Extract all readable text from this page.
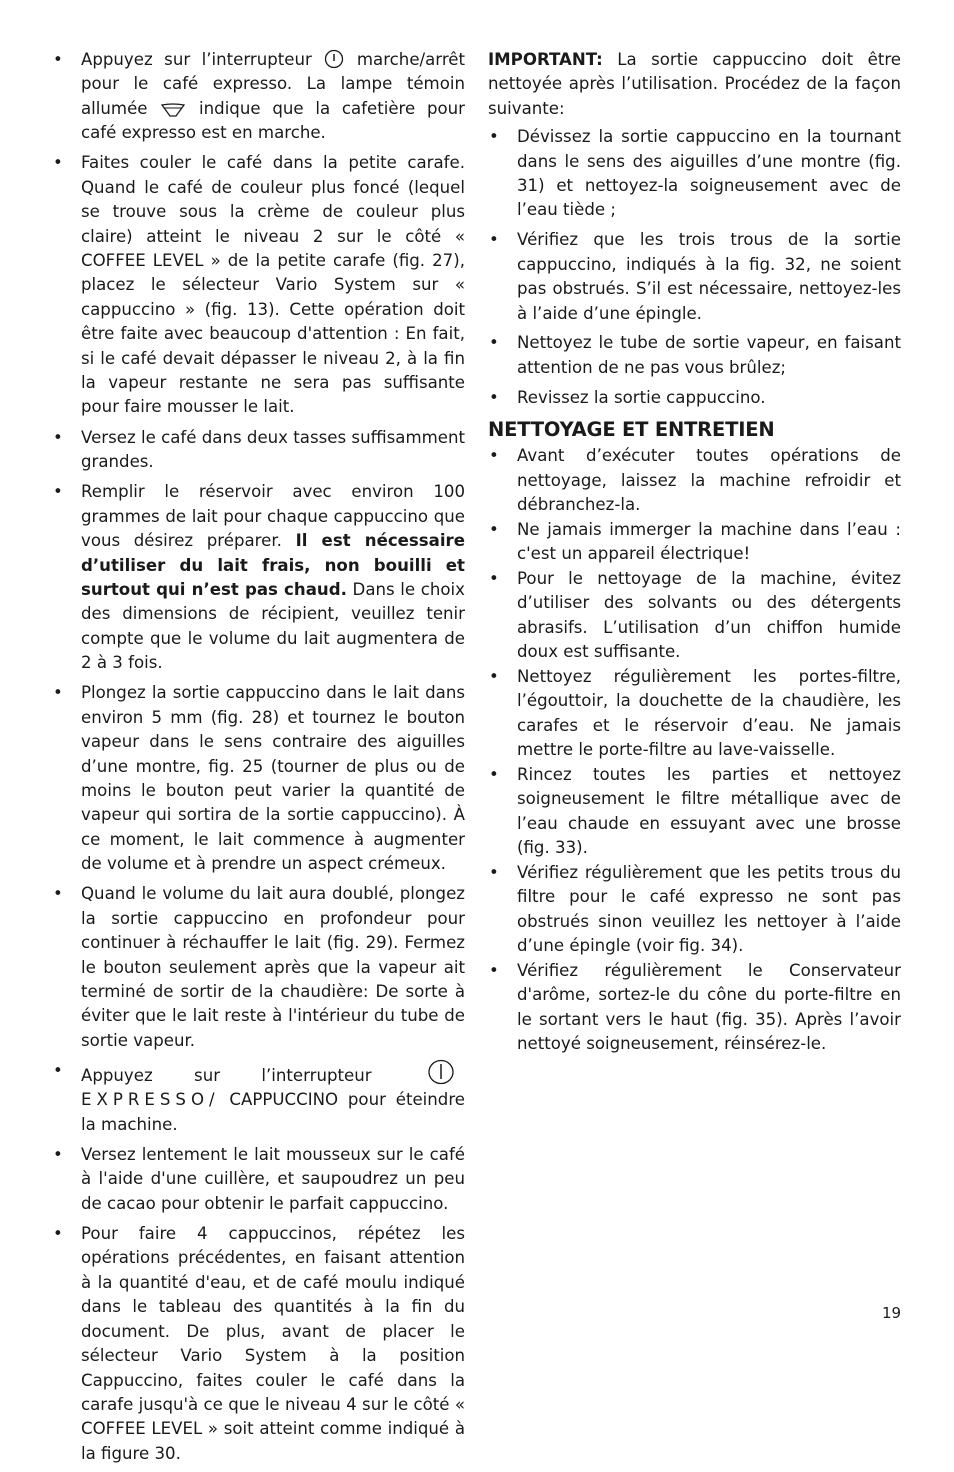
• Appuyez sur l’interrupteur	marche/arrêt pour le café expresso. La lampe témoin allumée	indique que la cafetière pour café expresso est en marche.
• Faites couler le café dans la petite carafe. Quand le café de couleur plus foncé (lequel se trouve sous la crème de couleur plus claire) atteint le niveau 2 sur le côté « COFFEE LEVEL » de la petite carafe (fig. 27), placez le sélecteur Vario System sur « cappuccino » (fig. 13). Cette opération doit être faite avec beaucoup d'attention : En fait, si le café devait dépasser le niveau 2, à la fin la vapeur restante ne sera pas suffisante pour faire mousser le lait.
• Versez le café dans deux tasses suffisamment grandes.
• Remplir le réservoir avec environ 100 grammes de lait pour chaque cappuccino que vous désirez préparer. Il est nécessaire d’utiliser du lait frais, non bouilli et surtout qui n’est pas chaud. Dans le choix des dimensions de récipient, veuillez tenir compte que le volume du lait augmentera de 2 à 3 fois.
• Plongez la sortie cappuccino dans le lait dans environ 5 mm (fig. 28) et tournez le bouton vapeur dans le sens contraire des aiguilles d’une montre, fig. 25 (tourner de plus ou de moins le bouton peut varier la quantité de vapeur qui sortira de la sortie cappuccino). À ce moment, le lait commence à augmenter de volume et à prendre un aspect crémeux.
• Quand le volume du lait aura doublé, plongez la sortie cappuccino en profondeur pour continuer à réchauffer le lait (fig. 29). Fermez le bouton seulement après que la vapeur ait terminé de sortir de la chaudière: De sorte à éviter que le lait reste à l'intérieur du tube de sortie vapeur.
• Appuyez sur l’interrupteur  EXPRESSO/ CAPPUCCINO pour éteindre la machine.
• Versez lentement le lait mousseux sur le café à l'aide d'une cuillère, et saupoudrez un peu de cacao pour obtenir le parfait cappuccino.
• Pour faire 4 cappuccinos, répétez les opérations précédentes, en faisant attention à la quantité d'eau, et de café moulu indiqué dans le tableau des quantités à la fin du document. De plus, avant de placer le sélecteur Vario System à la position Cappuccino, faites couler le café dans la carafe jusqu'à ce que le niveau 4 sur le côté « COFFEE LEVEL » soit atteint comme indiqué à la figure 30.

IMPORTANT: La sortie cappuccino doit être nettoyée après l’utilisation. Procédez de la façon suivante:

• Dévissez la sortie cappuccino en la tournant dans le sens des aiguilles d’une montre (fig. 31) et nettoyez-la soigneusement avec de l’eau tiède ;
• Vérifiez que les trois trous de la sortie cappuccino, indiqués à la fig. 32, ne soient pas obstrués. S’il est nécessaire, nettoyez-les à l’aide d’une épingle.
• Nettoyez le tube de sortie vapeur, en faisant attention de ne pas vous brûlez;
• Revissez la sortie cappuccino.
NETTOYAGE ET ENTRETIEN
• Avant d’exécuter toutes opérations de nettoyage, laissez la machine refroidir et débranchez-la.
• Ne jamais immerger la machine dans l’eau : c'est un appareil électrique!
• Pour le nettoyage de la machine, évitez d’utiliser des solvants ou des détergents abrasifs. L’utilisation d’un chiffon humide doux est suffisante.
• Nettoyez régulièrement les portes-filtre, l’égouttoir, la douchette de la chaudière, les carafes et le réservoir d’eau. Ne jamais mettre le porte-filtre au lave-vaisselle.
• Rincez toutes les parties et nettoyez soigneusement le filtre métallique avec de l’eau chaude en essuyant avec une brosse (fig. 33).
• Vérifiez régulièrement que les petits trous du filtre pour le café expresso ne sont pas obstrués sinon veuillez les nettoyer à l’aide d’une épingle (voir fig. 34).
• Vérifiez régulièrement le Conservateur d'arôme, sortez-le du cône du porte-filtre en le sortant vers le haut (fig. 35). Après l’avoir nettoyé soigneusement, réinsérez-le.
19
